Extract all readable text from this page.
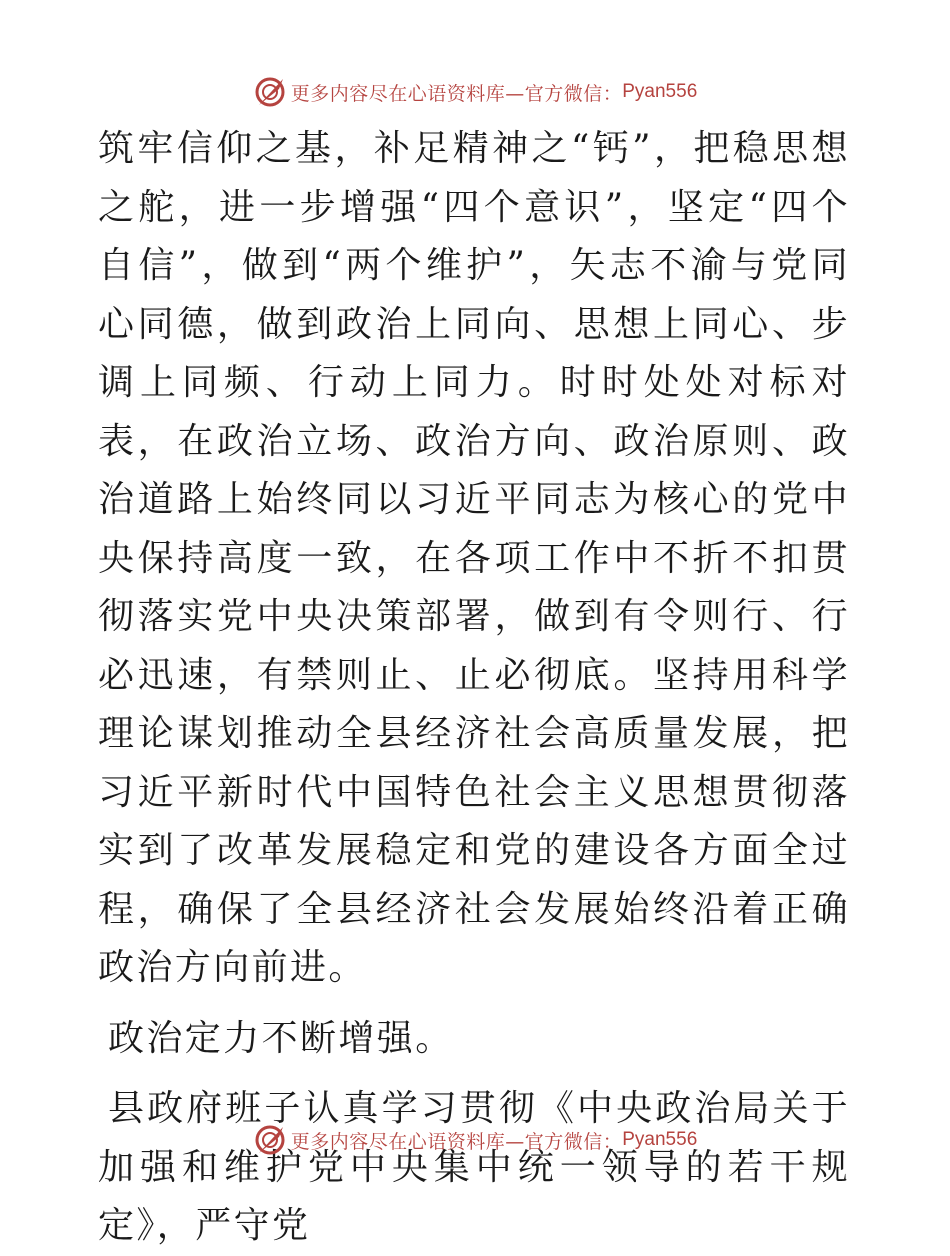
更多内容尽在心语资料库—官方微信： Pyan556

筑牢信仰之基，补足精神之“钙”，把稳思想之舵，进一步增强“四个意识”，坚定“四个自信”，做到“两个维护”，矢志不渝与党同心同德，做到政治上同向、思想上同心、步调上同频、行动上同力。时时处处对标对表，在政治立场、政治方向、政治原则、政治道路上始终同以习近平同志为核心的党中央保持高度一致，在各项工作中不折不扣贯彻落实党中央决策部署，做到有令则行、行必迅速，有禁则止、止必彻底。坚持用科学理论谋划推动全县经济社会高质量发展，把习近平新时代中国特色社会主义思想贯彻落实到了改革发展稳定和党的建设各方面全过程，确保了全县经济社会发展始终沿着正确政治方向前进。

政治定力不断增强。

县政府班子认真学习贯彻《中央政治局关于加强和维护党中央集中统一领导的若干规定》，严守党

更多内容尽在心语资料库—官方微信： Pyan556
